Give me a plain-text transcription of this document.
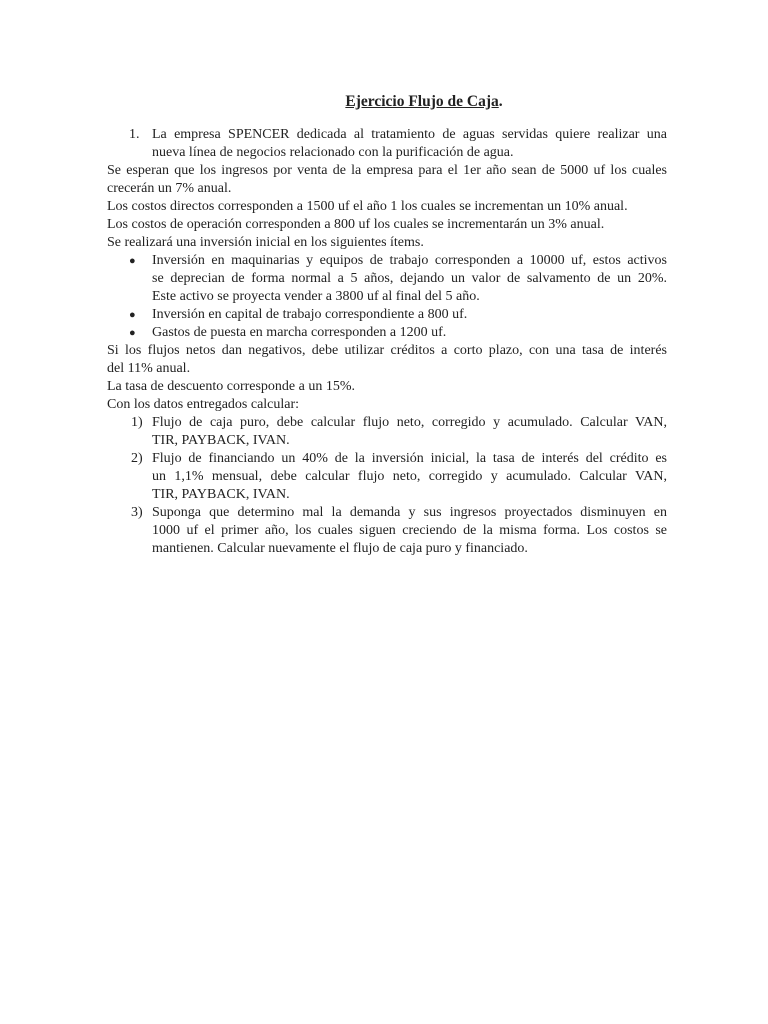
Ejercicio Flujo de Caja.
1. La empresa SPENCER dedicada al tratamiento de aguas servidas quiere realizar una
nueva línea de negocios relacionado con la purificación de agua.
Se esperan que los ingresos por venta de la empresa para el 1er año sean de 5000 uf los cuales
crecerán un 7% anual.
Los costos directos corresponden a 1500 uf el año 1 los cuales se incrementan un 10% anual.
Los costos de operación corresponden a 800 uf los cuales se incrementarán un 3% anual.
Se realizará una inversión inicial en los siguientes ítems.
● Inversión en maquinarias y equipos de trabajo corresponden a 10000 uf, estos activos
se deprecian de forma normal a 5 años, dejando un valor de salvamento de un 20%.
Este activo se proyecta vender a 3800 uf al final del 5 año.
● Inversión en capital de trabajo correspondiente a 800 uf.
● Gastos de puesta en marcha corresponden a 1200 uf.
Si los flujos netos dan negativos, debe utilizar créditos a corto plazo, con una tasa de interés
del 11% anual.
La tasa de descuento corresponde a un 15%.
Con los datos entregados calcular:
1) Flujo de caja puro, debe calcular flujo neto, corregido y acumulado. Calcular VAN,
TIR, PAYBACK, IVAN.
2) Flujo de financiando un 40% de la inversión inicial, la tasa de interés del crédito es
un 1,1% mensual, debe calcular flujo neto, corregido y acumulado. Calcular VAN,
TIR, PAYBACK, IVAN.
3) Suponga que determino mal la demanda y sus ingresos proyectados disminuyen en
1000 uf el primer año, los cuales siguen creciendo de la misma forma. Los costos se
mantienen. Calcular nuevamente el flujo de caja puro y financiado.
